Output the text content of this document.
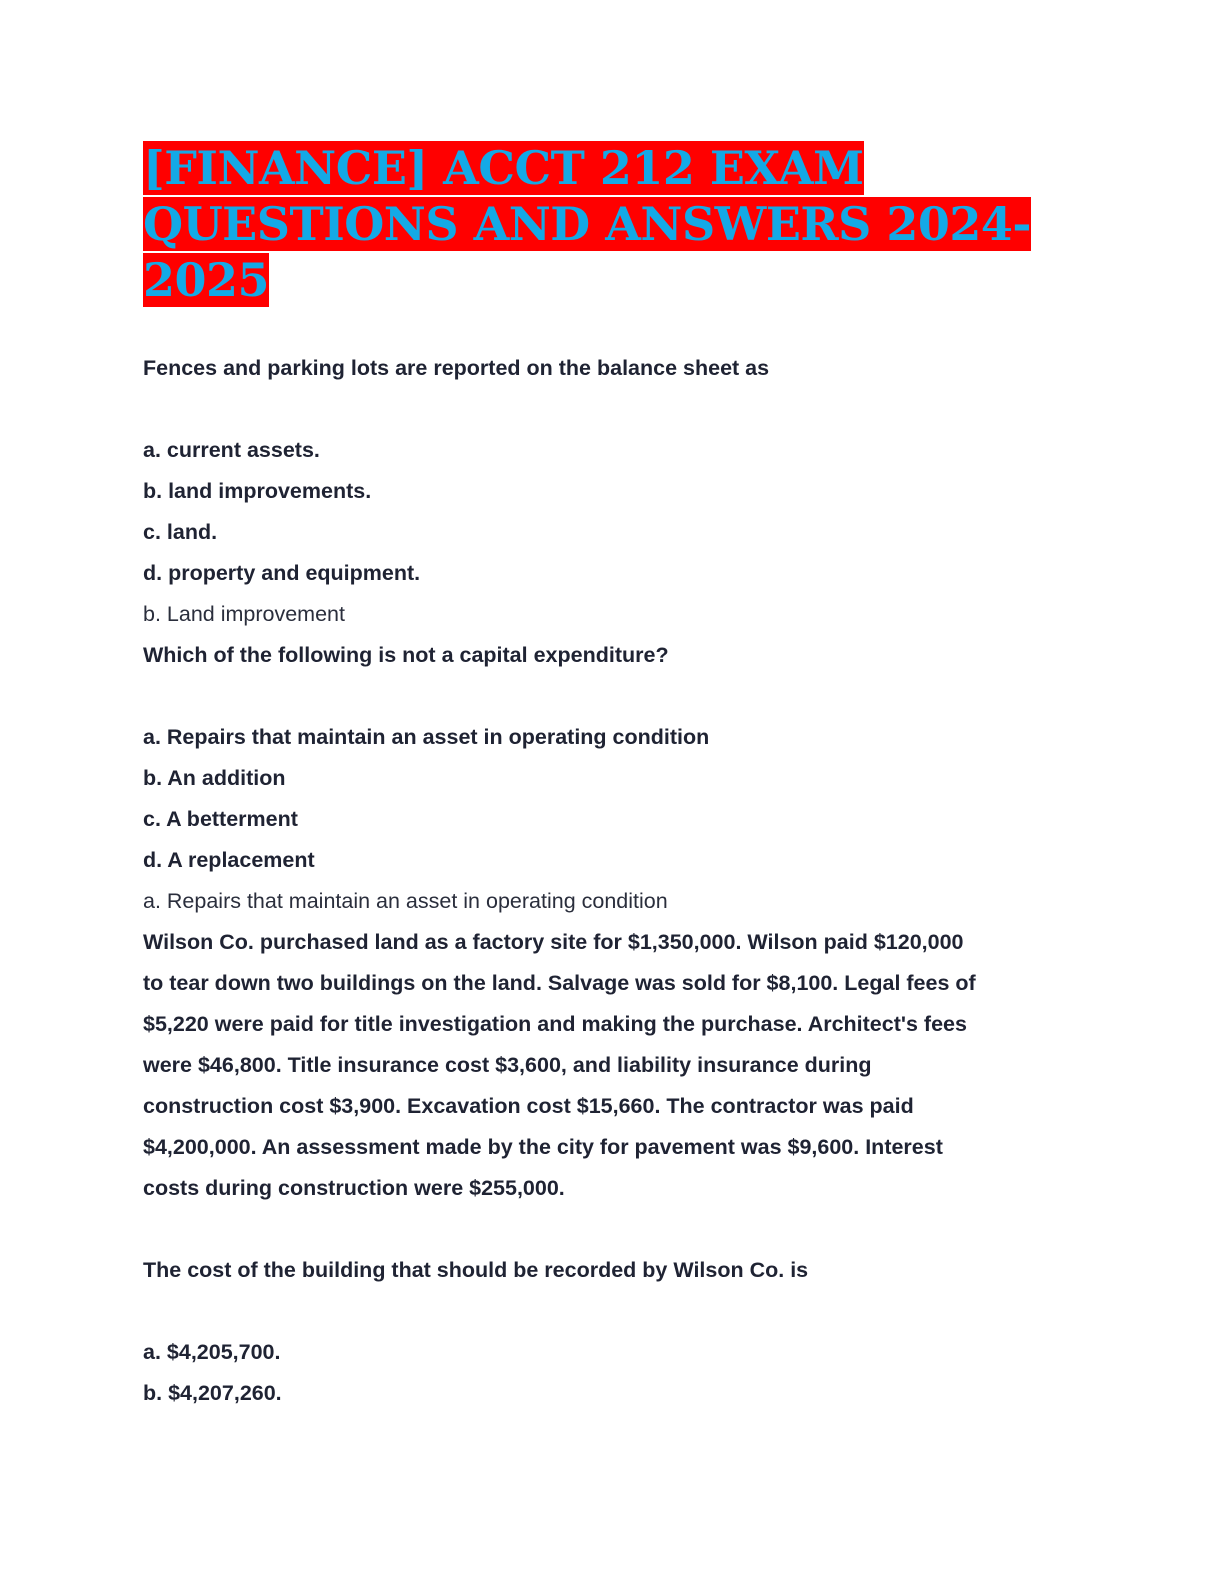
[FINANCE] ACCT 212 EXAM QUESTIONS AND ANSWERS 2024-2025

Fences and parking lots are reported on the balance sheet as

a. current assets.

b. land improvements.

c. land.

d. property and equipment.

b. Land improvement

Which of the following is not a capital expenditure?

a. Repairs that maintain an asset in operating condition

b. An addition

c. A betterment

d. A replacement

a. Repairs that maintain an asset in operating condition

Wilson Co. purchased land as a factory site for $1,350,000. Wilson paid $120,000

to tear down two buildings on the land. Salvage was sold for $8,100. Legal fees of

$5,220 were paid for title investigation and making the purchase. Architect's fees

were $46,800. Title insurance cost $3,600, and liability insurance during

construction cost $3,900. Excavation cost $15,660. The contractor was paid

$4,200,000. An assessment made by the city for pavement was $9,600. Interest

costs during construction were $255,000.

The cost of the building that should be recorded by Wilson Co. is

a. $4,205,700.

b. $4,207,260.
